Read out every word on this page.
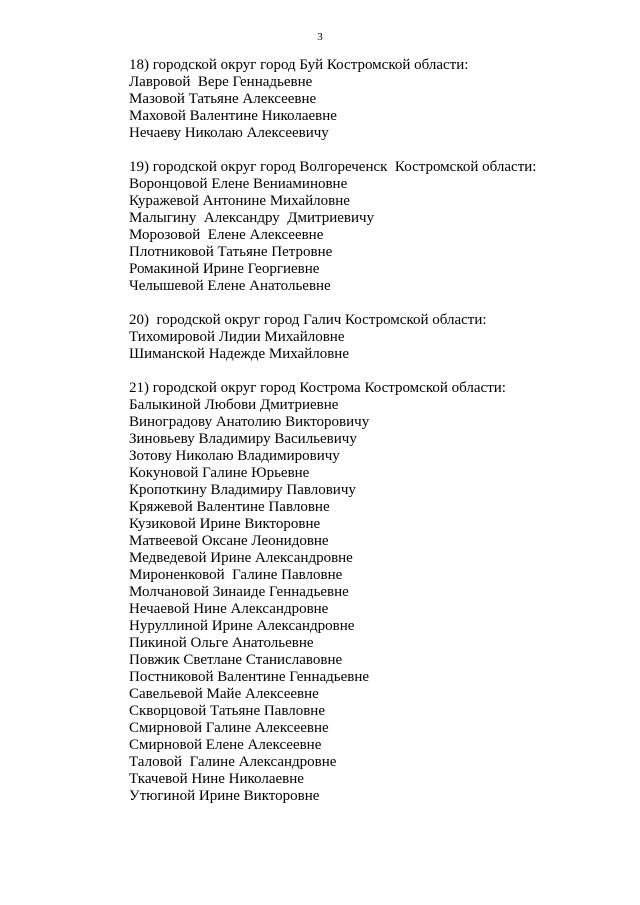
3
18) городской округ город Буй Костромской области:
Лавровой  Вере Геннадьевне
Мазовой Татьяне Алексеевне
Маховой Валентине Николаевне
Нечаеву Николаю Алексеевичу
19) городской округ город Волгореченск  Костромской области:
Воронцовой Елене Вениаминовне
Куражевой Антонине Михайловне
Малыгину  Александру  Дмитриевичу
Морозовой  Елене Алексеевне
Плотниковой Татьяне Петровне
Ромакиной Ирине Георгиевне
Челышевой Елене Анатольевне
20)  городской округ город Галич Костромской области:
Тихомировой Лидии Михайловне
Шиманской Надежде Михайловне
21) городской округ город Кострома Костромской области:
Балыкиной Любови Дмитриевне
Виноградову Анатолию Викторовичу
Зиновьеву Владимиру Васильевичу
Зотову Николаю Владимировичу
Кокуновой Галине Юрьевне
Кропоткину Владимиру Павловичу
Кряжевой Валентине Павловне
Кузиковой Ирине Викторовне
Матвеевой Оксане Леонидовне
Медведевой Ирине Александровне
Мироненковой  Галине Павловне
Молчановой Зинаиде Геннадьевне
Нечаевой Нине Александровне
Нуруллиной Ирине Александровне
Пикиной Ольге Анатольевне
Повжик Светлане Станиславовне
Постниковой Валентине Геннадьевне
Савельевой Майе Алексеевне
Скворцовой Татьяне Павловне
Смирновой Галине Алексеевне
Смирновой Елене Алексеевне
Таловой  Галине Александровне
Ткачевой Нине Николаевне
Утюгиной Ирине Викторовне
